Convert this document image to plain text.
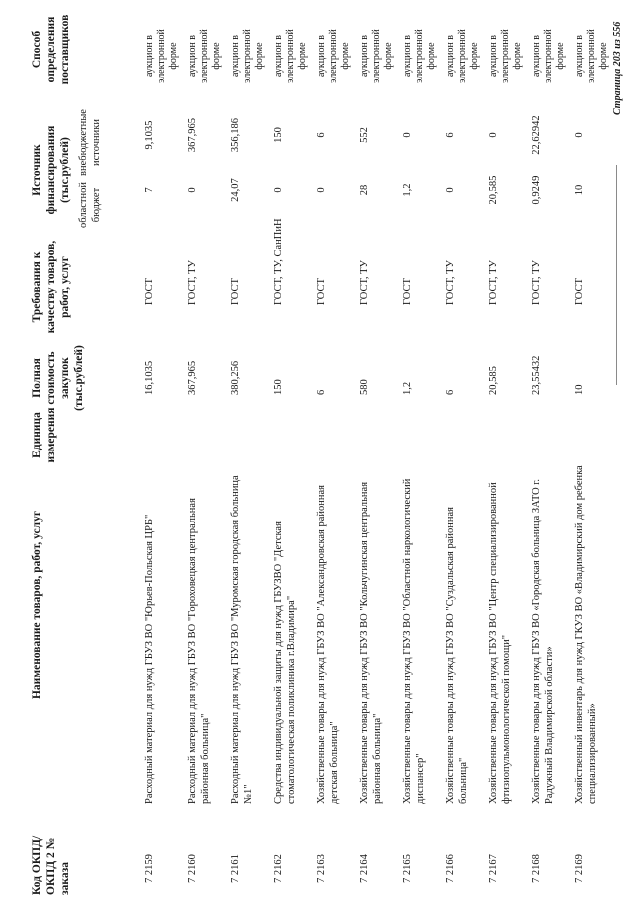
Код ОКПД/ ОКПД 2 № заказа
Наименование товаров, работ, услуг
Единица измерения
Полная стоимость закупок (тыс.рублей)
Требования к качеству товаров, работ, услуг
Источник финансирования (тыс.рублей)
областной бюджет
внебюджетные источники
Способ определения поставщиков
7 2159
Расходный материал для нужд ГБУЗ ВО "Юрьев-Польская ЦРБ"
16,1035
ГОСТ
7
9,1035
аукцион в электронной форме
7 2160
Расходный материал для нужд ГБУЗ ВО "Гороховецкая центральная районная больница"
367,965
ГОСТ, ТУ
0
367,965
аукцион в электронной форме
7 2161
Расходный материал для нужд ГБУЗ ВО "Муромская городская больница №1"
380,256
ГОСТ
24,07
356,186
аукцион в электронной форме
7 2162
Средства индивидуальной защиты для нужд ГБУЗВО "Детская стоматологическая поликлиника г.Владимира"
150
ГОСТ, ТУ, СанПиН
0
150
аукцион в электронной форме
7 2163
Хозяйственные товары для нужд ГБУЗ ВО "Александровская районная детская больница"
6
ГОСТ
0
6
аукцион в электронной форме
7 2164
Хозяйственные товары для нужд ГБУЗ ВО "Кольчугинская центральная районная больница"
580
ГОСТ, ТУ
28
552
аукцион в электронной форме
7 2165
Хозяйственные товары для нужд ГБУЗ ВО "Областной наркологический диспансер"
1,2
ГОСТ
1,2
0
аукцион в электронной форме
7 2166
Хозяйственные товары для нужд ГБУЗ ВО "Суздальская районная больница"
6
ГОСТ, ТУ
0
6
аукцион в электронной форме
7 2167
Хозяйственные товары для нужд ГБУЗ ВО "Центр специализированной фтизиопульмонологической помощи"
20,585
ГОСТ, ТУ
20,585
0
аукцион в электронной форме
7 2168
Хозяйственные товары для нужд ГБУЗ ВО «Городская больница ЗАТО г. Радужный Владимирской области»
23,55432
ГОСТ, ТУ
0,9249
22,62942
аукцион в электронной форме
7 2169
Хозяйственный инвентарь для нужд ГКУЗ ВО «Владимирский дом ребенка специализированный»
10
ГОСТ
10
0
аукцион в электронной форме Страница 203 из 556
